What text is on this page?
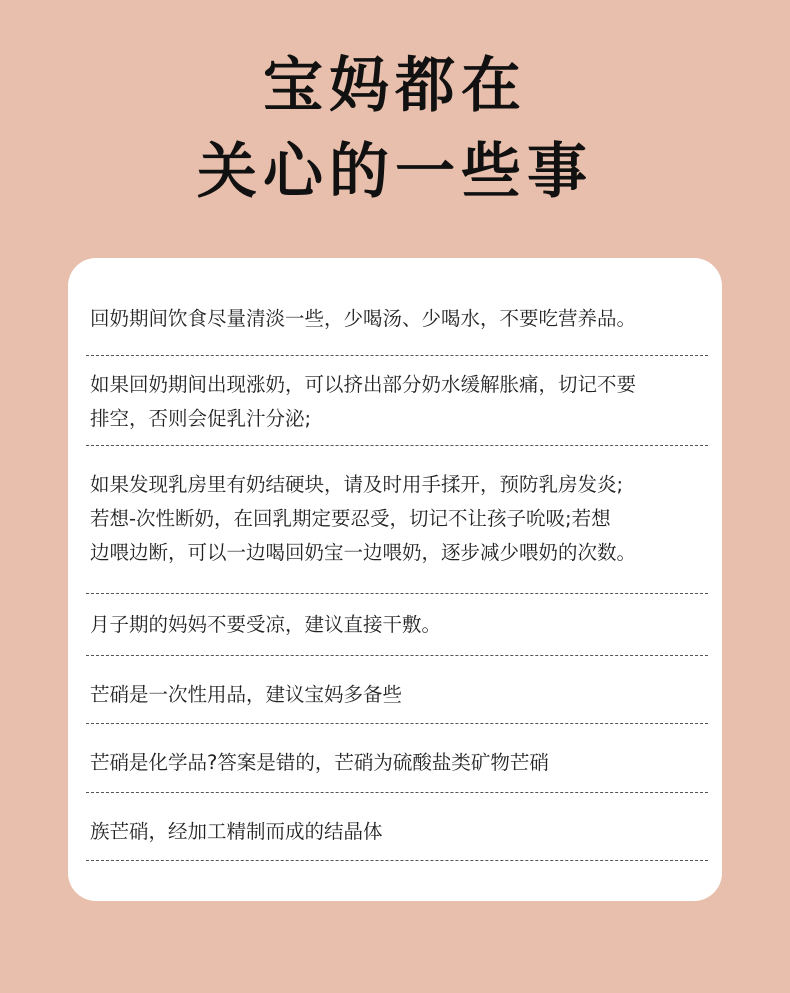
宝妈都在
关心的一些事
回奶期间饮食尽量清淡一些，少喝汤、少喝水，不要吃营养品。
如果回奶期间出现涨奶，可以挤出部分奶水缓解胀痛，切记不要
排空，否则会促乳汁分泌;
如果发现乳房里有奶结硬块，请及时用手揉开，预防乳房发炎;
若想-次性断奶，在回乳期定要忍受，切记不让孩子吮吸;若想
边喂边断，可以一边喝回奶宝一边喂奶，逐步减少喂奶的次数。
月子期的妈妈不要受凉，建议直接干敷。
芒硝是一次性用品，建议宝妈多备些
芒硝是化学品?答案是错的，芒硝为硫酸盐类矿物芒硝
族芒硝，经加工精制而成的结晶体
